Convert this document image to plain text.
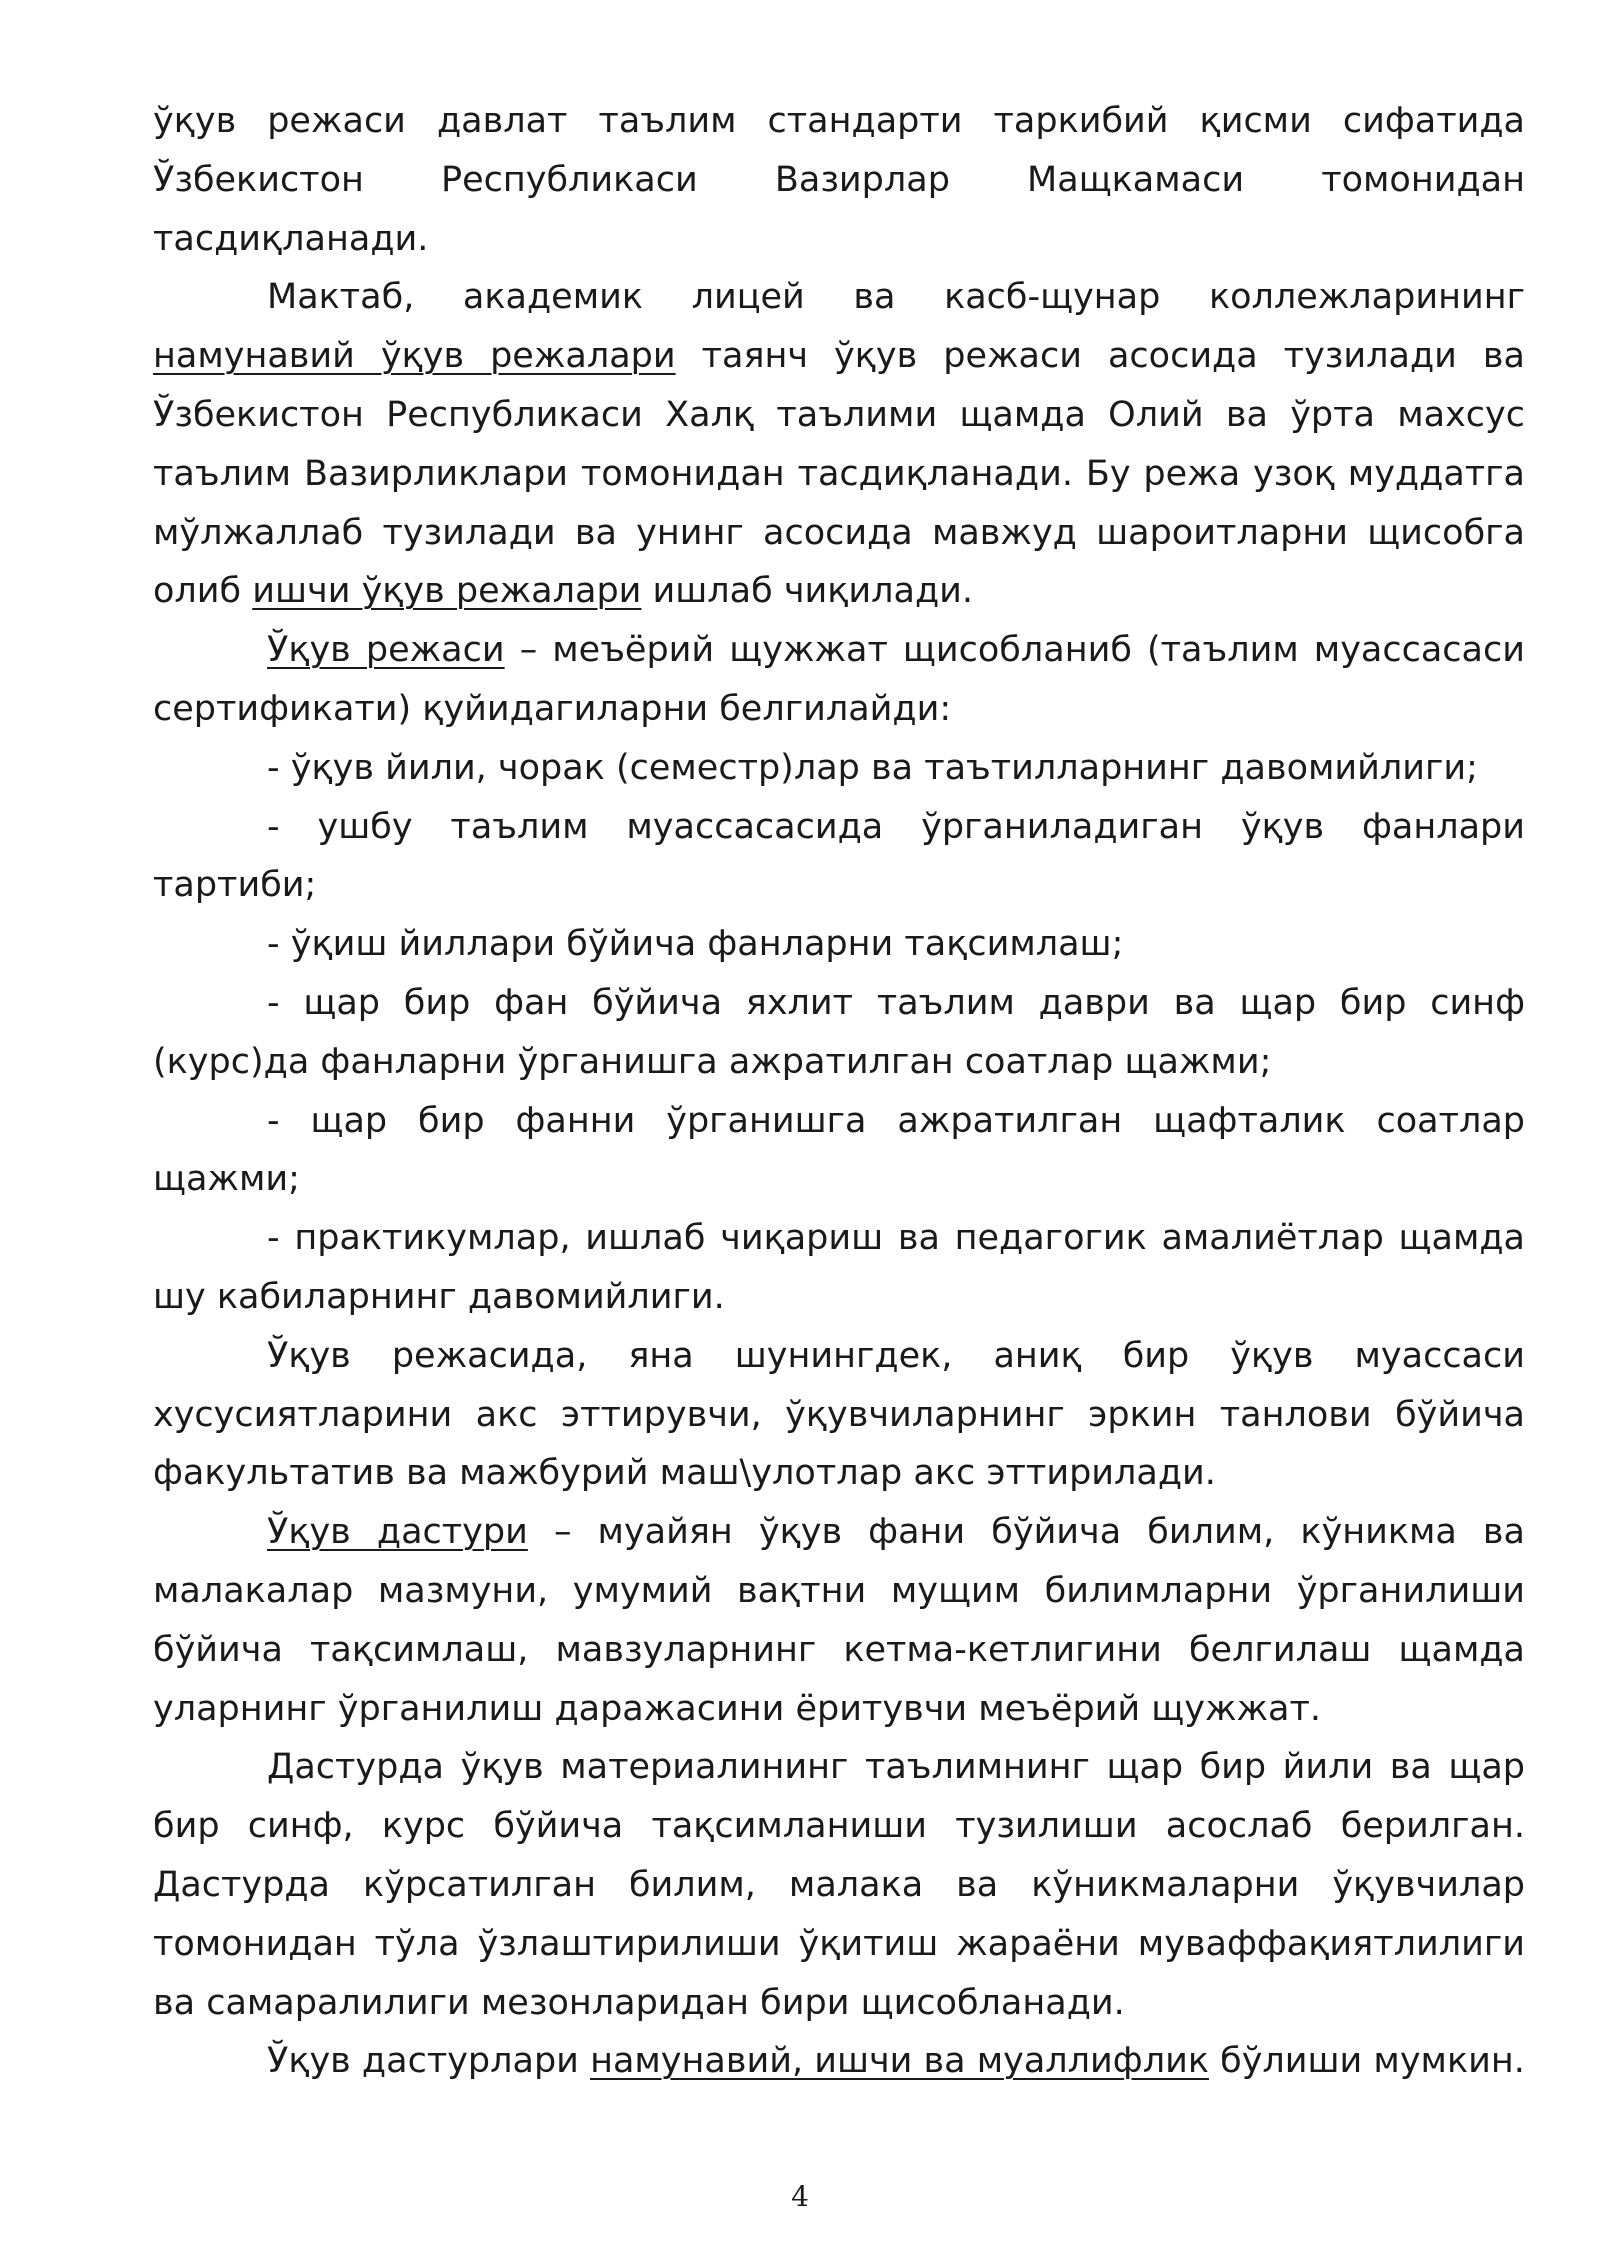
ўқув режаси давлат таълим стандарти таркибий қисми сифатида Ўзбекистон Республикаси Вазирлар Мащкамаси томонидан тасдиқланади.

Мактаб, академик лицей ва касб-щунар коллежларининг намунавий ўқув режалари таянч ўқув режаси асосида тузилади ва Ўзбекистон Республикаси Халқ таълими щамда Олий ва ўрта махсус таълим Вазирликлари томонидан тасдиқланади. Бу режа узоқ муддатга мўлжаллаб тузилади ва унинг асосида мавжуд шароитларни щисобга олиб ишчи ўқув режалари ишлаб чиқилади.

Ўқув режаси – меъёрий щужжат щисобланиб (таълим муассасаси сертификати) қуйидагиларни белгилайди:

- ўқув йили, чорак (семестр)лар ва таътилларнинг давомийлиги;

- ушбу таълим муассасасида ўрганиладиган ўқув фанлари тартиби;

- ўқиш йиллари бўйича фанларни тақсимлаш;

- щар бир фан бўйича яхлит таълим даври ва щар бир синф (курс)да фанларни ўрганишга ажратилган соатлар щажми;

- щар бир фанни ўрганишга ажратилган щафталик соатлар щажми;

- практикумлар, ишлаб чиқариш ва педагогик амалиётлар щамда шу кабиларнинг давомийлиги.

Ўқув режасида, яна шунингдек, аниқ бир ўқув муассаси хусусиятларини акс эттирувчи, ўқувчиларнинг эркин танлови бўйича факультатив ва мажбурий маш\улотлар акс эттирилади.

Ўқув дастури – муайян ўқув фани бўйича билим, кўникма ва малакалар мазмуни, умумий вақтни мущим билимларни ўрганилиши бўйича тақсимлаш, мавзуларнинг кетма-кетлигини белгилаш щамда уларнинг ўрганилиш даражасини ёритувчи меъёрий щужжат.

Дастурда ўқув материалининг таълимнинг щар бир йили ва щар бир синф, курс бўйича тақсимланиши тузилиши асослаб берилган. Дастурда кўрсатилган билим, малака ва кўникмаларни ўқувчилар томонидан тўла ўзлаштирилиши ўқитиш жараёни муваффақиятлилиги ва самаралилиги мезонларидан бири щисобланади.

Ўқув дастурлари намунавий, ишчи ва муаллифлик бўлиши мумкин.

4
